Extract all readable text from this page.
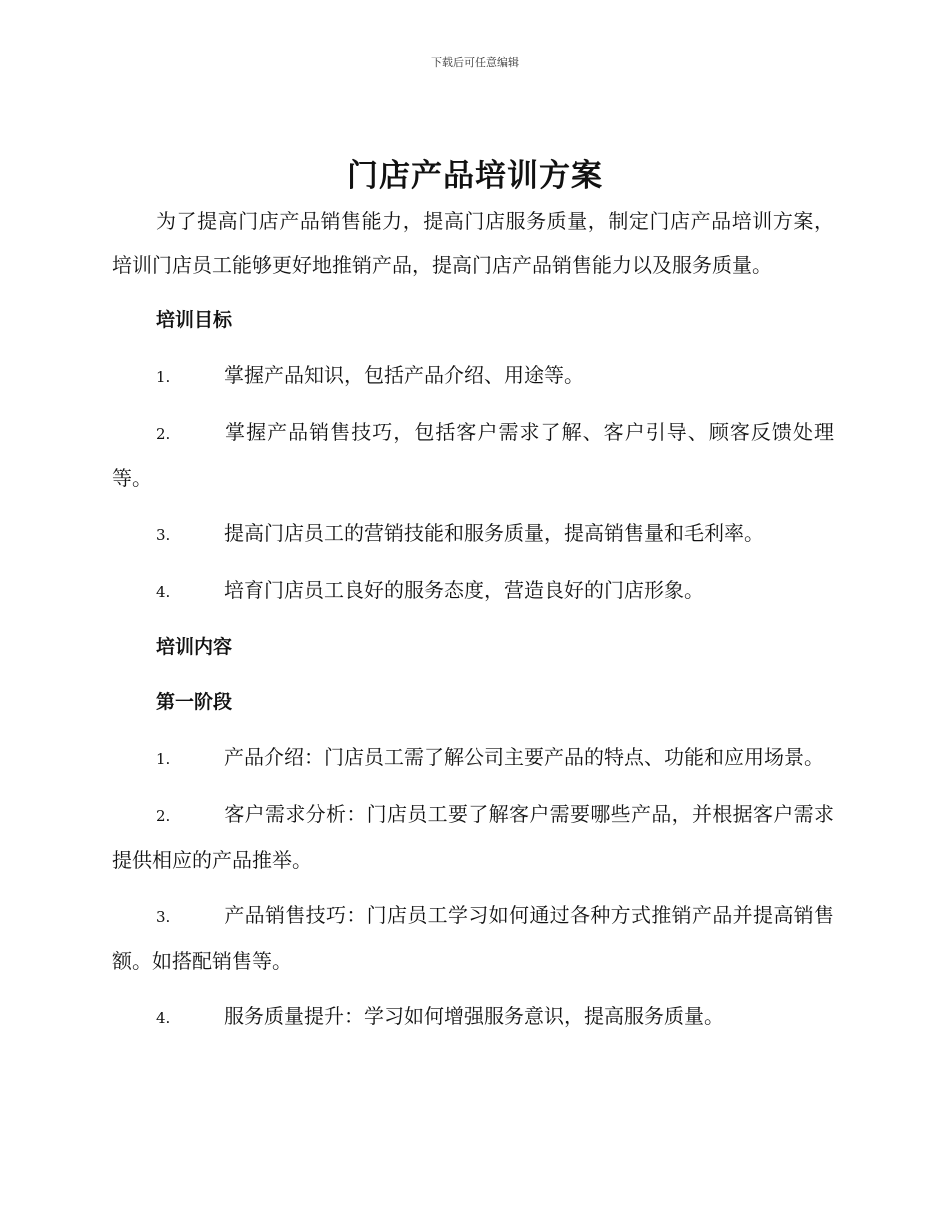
下载后可任意编辑
门店产品培训方案

为了提高门店产品销售能力，提高门店服务质量，制定门店产品培训方案，培训门店员工能够更好地推销产品，提高门店产品销售能力以及服务质量。

培训目标

1.	掌握产品知识，包括产品介绍、用途等。

2.	掌握产品销售技巧，包括客户需求了解、客户引导、顾客反馈处理等。

3.	提高门店员工的营销技能和服务质量，提高销售量和毛利率。

4.	培育门店员工良好的服务态度，营造良好的门店形象。

培训内容
第一阶段

1.	产品介绍：门店员工需了解公司主要产品的特点、功能和应用场景。

2.	客户需求分析：门店员工要了解客户需要哪些产品，并根据客户需求提供相应的产品推举。

3.	产品销售技巧：门店员工学习如何通过各种方式推销产品并提高销售额。如搭配销售等。

4.	服务质量提升：学习如何增强服务意识，提高服务质量。
